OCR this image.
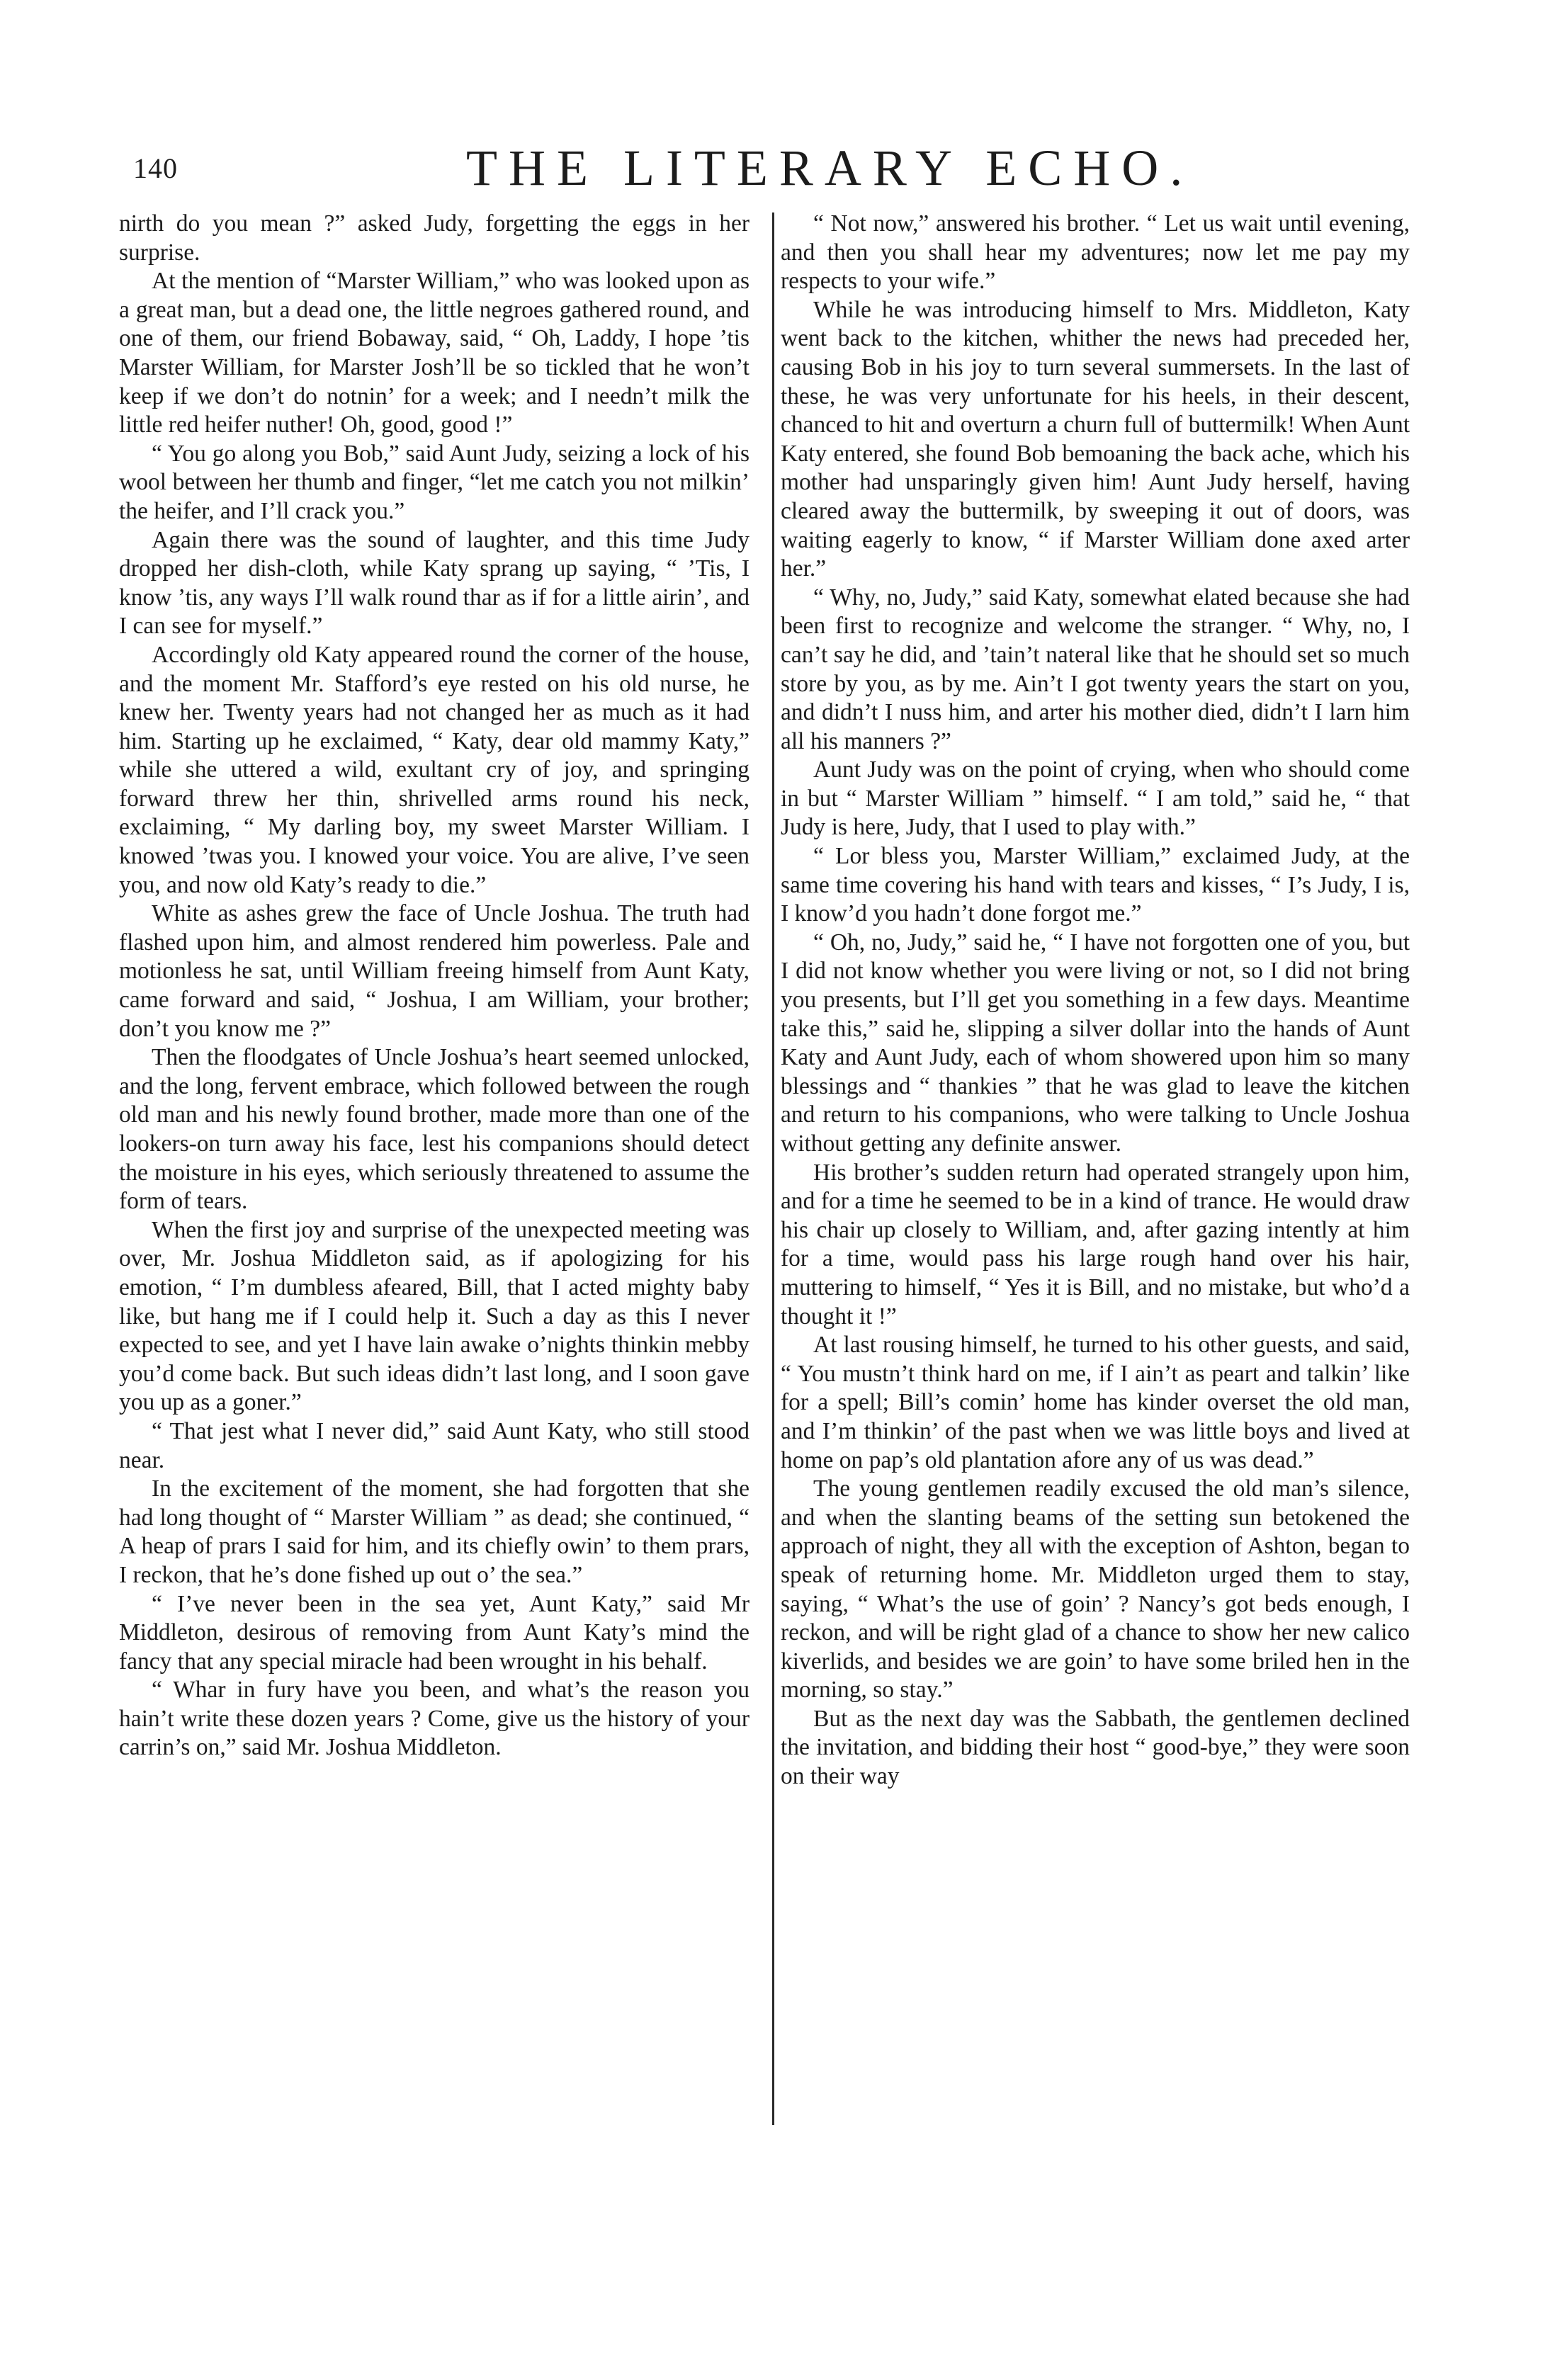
140	THE LITERARY ECHO.

nirth do you mean ?” asked Judy, forgetting the eggs in her surprise.

At the mention of “Marster William,” who was looked upon as a great man, but a dead one, the little negroes gathered round, and one of them, our friend Bobaway, said, “ Oh, Laddy, I hope ’tis Marster William, for Marster Josh’ll be so tickled that he won’t keep if we don’t do notnin’ for a week; and I needn’t milk the little red heifer nuther! Oh, good, good !”

“ You go along you Bob,” said Aunt Judy, seizing a lock of his wool between her thumb and finger, “let me catch you not milkin’ the heifer, and I’ll crack you.”

Again there was the sound of laughter, and this time Judy dropped her dish-cloth, while Katy sprang up saying, “ ’Tis, I know ’tis, any ways I’ll walk round thar as if for a little airin’, and I can see for myself.”

Accordingly old Katy appeared round the corner of the house, and the moment Mr. Stafford’s eye rested on his old nurse, he knew her. Twenty years had not changed her as much as it had him. Starting up he exclaimed, “ Katy, dear old mammy Katy,” while she uttered a wild, exultant cry of joy, and springing forward threw her thin, shrivelled arms round his neck, exclaiming, “ My darling boy, my sweet Marster William. I knowed ’twas you. I knowed your voice. You are alive, I’ve seen you, and now old Katy’s ready to die.”

White as ashes grew the face of Uncle Joshua. The truth had flashed upon him, and almost rendered him powerless. Pale and motionless he sat, until William freeing himself from Aunt Katy, came forward and said, “ Joshua, I am William, your brother; don’t you know me ?”

Then the floodgates of Uncle Joshua’s heart seemed unlocked, and the long, fervent embrace, which followed between the rough old man and his newly found brother, made more than one of the lookers-on turn away his face, lest his companions should detect the moisture in his eyes, which seriously threatened to assume the form of tears.

When the first joy and surprise of the unexpected meeting was over, Mr. Joshua Middleton said, as if apologizing for his emotion, “ I’m dumbless afeared, Bill, that I acted mighty baby like, but hang me if I could help it. Such a day as this I never expected to see, and yet I have lain awake o’nights thinkin mebby you’d come back. But such ideas didn’t last long, and I soon gave you up as a goner.”

“ That jest what I never did,” said Aunt Katy, who still stood near.

In the excitement of the moment, she had forgotten that she had long thought of “ Marster William ” as dead; she continued, “ A heap of prars I said for him, and its chiefly owin’ to them prars, I reckon, that he’s done fished up out o’ the sea.”

“ I’ve never been in the sea yet, Aunt Katy,” said Mr Middleton, desirous of removing from Aunt Katy’s mind the fancy that any special miracle had been wrought in his behalf.

“ Whar in fury have you been, and what’s the reason you hain’t write these dozen years ? Come, give us the history of your carrin’s on,” said Mr. Joshua Middleton.

“ Not now,” answered his brother. “ Let us wait until evening, and then you shall hear my adventures; now let me pay my respects to your wife.”

While he was introducing himself to Mrs. Middleton, Katy went back to the kitchen, whither the news had preceded her, causing Bob in his joy to turn several summersets. In the last of these, he was very unfortunate for his heels, in their descent, chanced to hit and overturn a churn full of buttermilk! When Aunt Katy entered, she found Bob bemoaning the back ache, which his mother had unsparingly given him! Aunt Judy herself, having cleared away the buttermilk, by sweeping it out of doors, was waiting eagerly to know, “ if Marster William done axed arter her.”

“ Why, no, Judy,” said Katy, somewhat elated because she had been first to recognize and welcome the stranger. “ Why, no, I can’t say he did, and ’tain’t nateral like that he should set so much store by you, as by me. Ain’t I got twenty years the start on you, and didn’t I nuss him, and arter his mother died, didn’t I larn him all his manners ?”

Aunt Judy was on the point of crying, when who should come in but “ Marster William ” himself. “ I am told,” said he, “ that Judy is here, Judy, that I used to play with.”

“ Lor bless you, Marster William,” exclaimed Judy, at the same time covering his hand with tears and kisses, “ I’s Judy, I is, I know’d you hadn’t done forgot me.”

“ Oh, no, Judy,” said he, “ I have not forgotten one of you, but I did not know whether you were living or not, so I did not bring you presents, but I’ll get you something in a few days. Meantime take this,” said he, slipping a silver dollar into the hands of Aunt Katy and Aunt Judy, each of whom showered upon him so many blessings and “ thankies ” that he was glad to leave the kitchen and return to his companions, who were talking to Uncle Joshua without getting any definite answer.

His brother’s sudden return had operated strangely upon him, and for a time he seemed to be in a kind of trance. He would draw his chair up closely to William, and, after gazing intently at him for a time, would pass his large rough hand over his hair, muttering to himself, “ Yes it is Bill, and no mistake, but who’d a thought it !”

At last rousing himself, he turned to his other guests, and said, “ You mustn’t think hard on me, if I ain’t as peart and talkin’ like for a spell; Bill’s comin’ home has kinder overset the old man, and I’m thinkin’ of the past when we was little boys and lived at home on pap’s old plantation afore any of us was dead.”

The young gentlemen readily excused the old man’s silence, and when the slanting beams of the setting sun betokened the approach of night, they all with the exception of Ashton, began to speak of returning home. Mr. Middleton urged them to stay, saying, “ What’s the use of goin’ ? Nancy’s got beds enough, I reckon, and will be right glad of a chance to show her new calico kiverlids, and besides we are goin’ to have some briled hen in the morning, so stay.”

But as the next day was the Sabbath, the gentlemen declined the invitation, and bidding their host “ good-bye,” they were soon on their way
